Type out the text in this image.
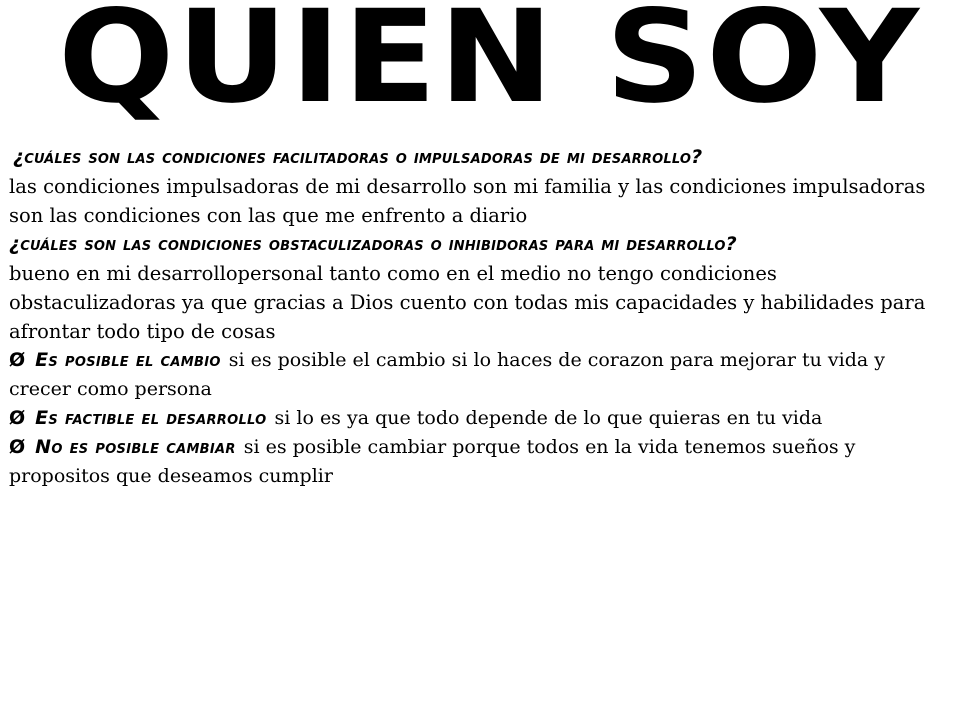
QUIEN SOY
¿cuáles son las condiciones facilitadoras o impulsadoras de mi desarrollo?
las condiciones impulsadoras de mi desarrollo son mi familia y las condiciones impulsadoras son las condiciones con las que me enfrento a diario
¿cuáles son las condiciones obstaculizadoras o inhibidoras para mi desarrollo?
bueno en mi desarrollopersonal tanto como en el medio no tengo condiciones obstaculizadoras ya que gracias a Dios cuento con todas mis capacidades y habilidades para afrontar todo tipo de cosas
Ø Es posible el cambio si es posible el cambio si lo haces de corazon para mejorar tu vida y crecer como persona
Ø Es factible el desarrollo si lo es ya que todo depende de lo que quieras en tu vida
Ø No es posible cambiar si es posible cambiar porque todos en la vida tenemos sueños y propositos que deseamos cumplir
